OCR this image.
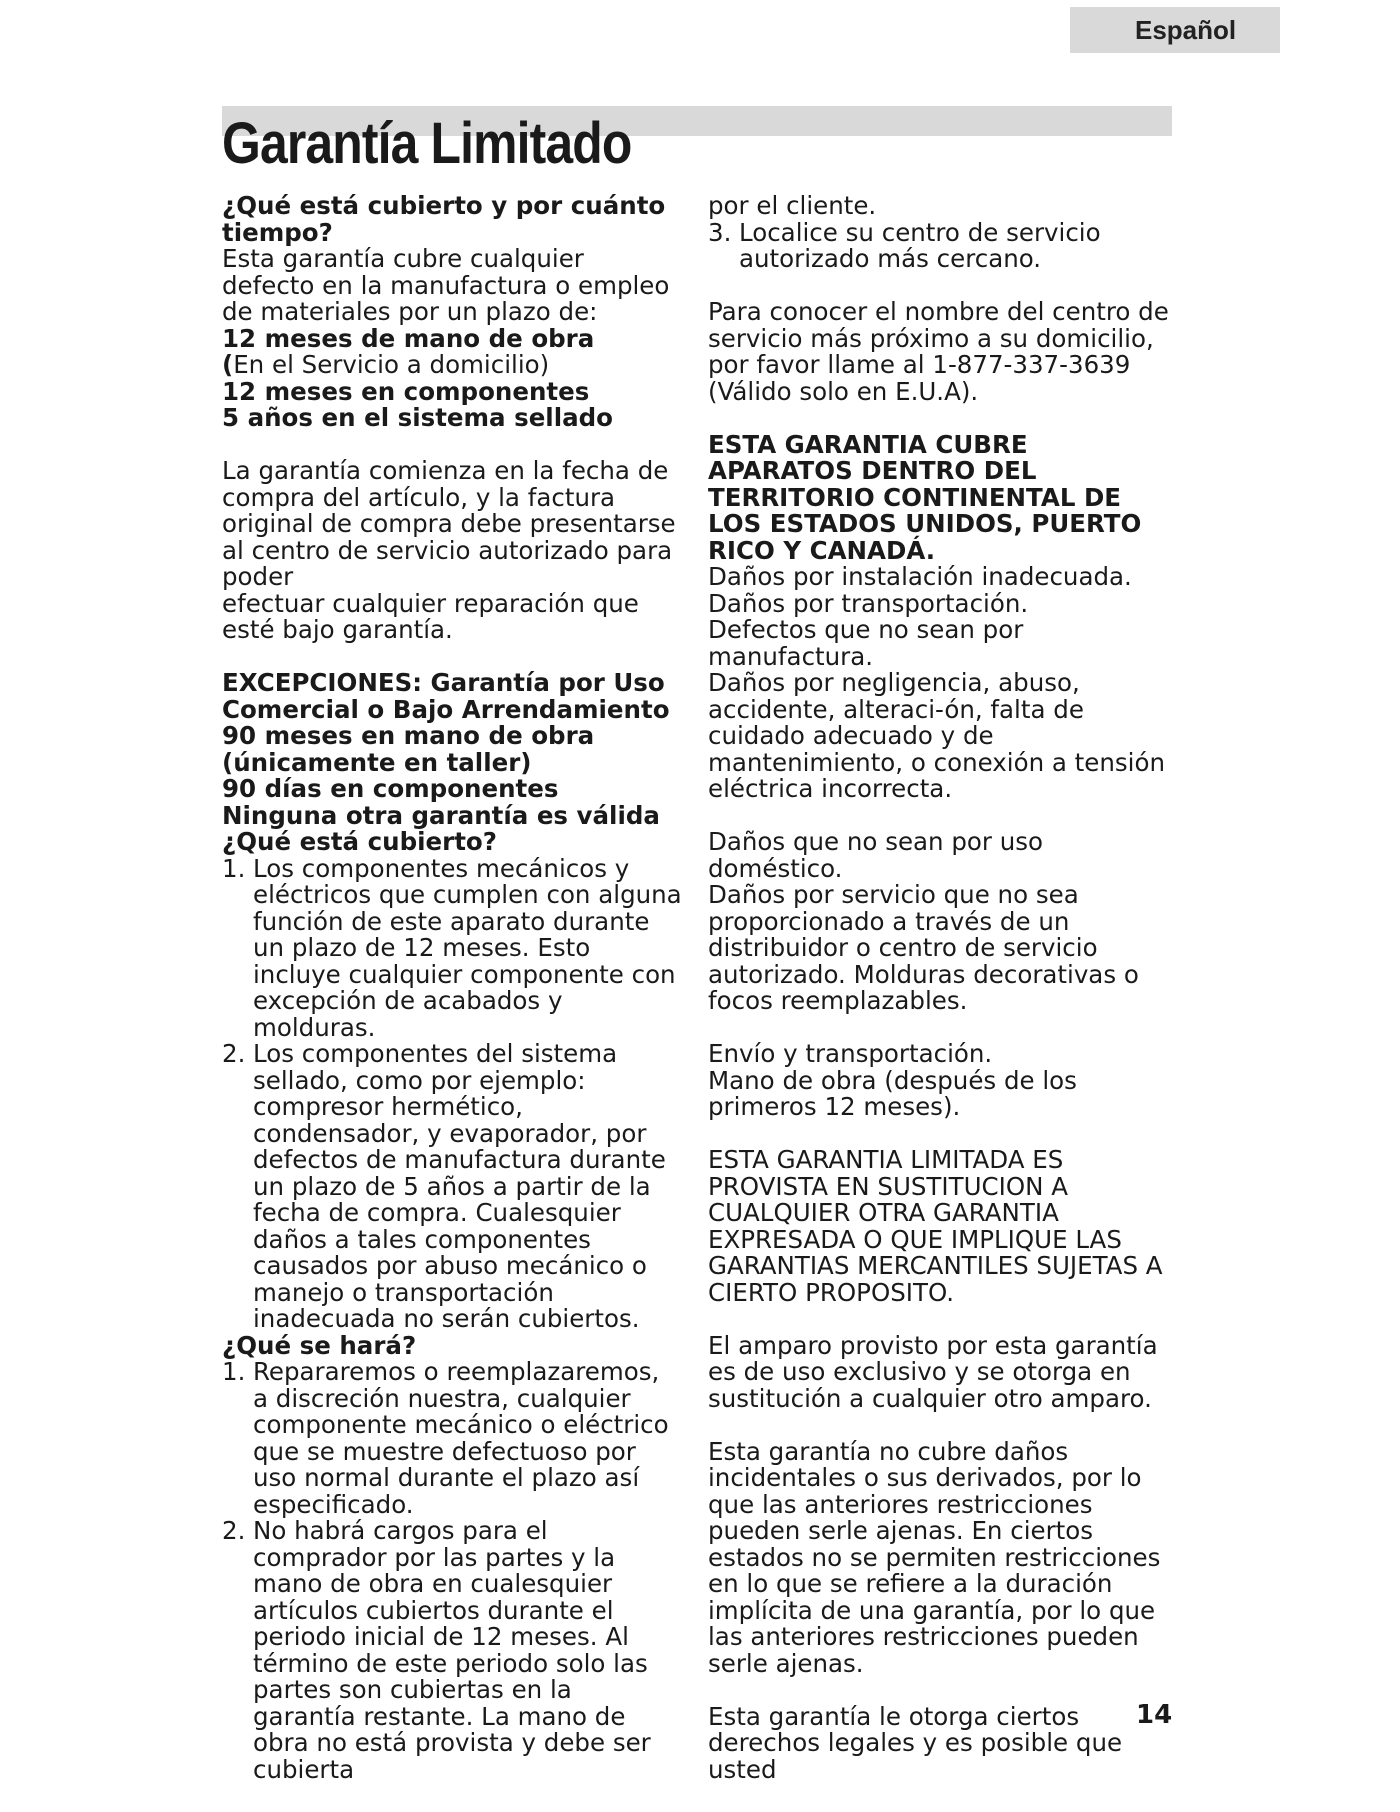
Español
Garantía Limitado
¿Qué está cubierto y por cuánto tiempo?

Esta garantía cubre cualquier defecto en la manufactura o empleo de materiales por un plazo de:

12 meses de mano de obra

(En el Servicio a domicilio)

12 meses en componentes

5 años en el sistema sellado

La garantía comienza en la fecha de compra del artículo, y la factura original de compra debe presentarse al centro de servicio autorizado para poder

efectuar cualquier reparación que esté bajo garantía.

EXCEPCIONES: Garantía por Uso Comercial o Bajo Arrendamiento

90 meses en mano de obra (únicamente en taller)

90 días en componentes

Ninguna otra garantía es válida

¿Qué está cubierto?
1. Los componentes mecánicos y eléctricos que cumplen con alguna función de este aparato durante un plazo de 12 meses. Esto incluye cualquier componente con excepción de acabados y molduras.
2. Los componentes del sistema sellado, como por ejemplo: compresor hermético, condensador, y evaporador, por defectos de manufactura durante un plazo de 5 años a partir de la fecha de compra. Cualesquier daños a tales componentes causados por abuso mecánico o manejo o transportación inadecuada no serán cubiertos.
¿Qué se hará?
1. Repararemos o reemplazaremos, a discreción nuestra, cualquier componente mecánico o eléctrico que se muestre defectuoso por uso normal durante el plazo así especificado.
2. No habrá cargos para el comprador por las partes y la mano de obra en cualesquier artículos cubiertos durante el periodo inicial de 12 meses. Al término de este periodo solo las partes son cubiertas en la garantía restante. La mano de obra no está provista y debe ser cubierta

por el cliente.

3. Localice su centro de servicio autorizado más cercano.

Para conocer el nombre del centro de servicio más próximo a su domicilio, por favor llame al 1-877-337-3639 (Válido solo en E.U.A).

ESTA GARANTIA CUBRE APARATOS DENTRO DEL TERRITORIO CONTINENTAL DE LOS ESTADOS UNIDOS, PUERTO RICO Y CANADÁ.

Daños por instalación inadecuada.

Daños por transportación.

Defectos que no sean por manufactura.

Daños por negligencia, abuso, accidente, alteraci-ón, falta de cuidado adecuado y de mantenimiento, o conexión a tensión eléctrica incorrecta.

Daños que no sean por uso doméstico.

Daños por servicio que no sea proporcionado a través de un distribuidor o centro de servicio autorizado. Molduras decorativas o focos reemplazables.

Envío y transportación.

Mano de obra (después de los primeros 12 meses).

ESTA GARANTIA LIMITADA ES PROVISTA EN SUSTITUCION A CUALQUIER OTRA GARANTIA EXPRESADA O QUE IMPLIQUE LAS GARANTIAS MERCANTILES SUJETAS A CIERTO PROPOSITO.

El amparo provisto por esta garantía es de uso exclusivo y se otorga en sustitución a cualquier otro amparo.

Esta garantía no cubre daños incidentales o sus derivados, por lo que las anteriores restricciones pueden serle ajenas. En ciertos estados no se permiten restricciones en lo que se refiere a la duración implícita de una garantía, por lo que las anteriores restricciones pueden serle ajenas.

Esta garantía le otorga ciertos derechos legales y es posible que usted

14
